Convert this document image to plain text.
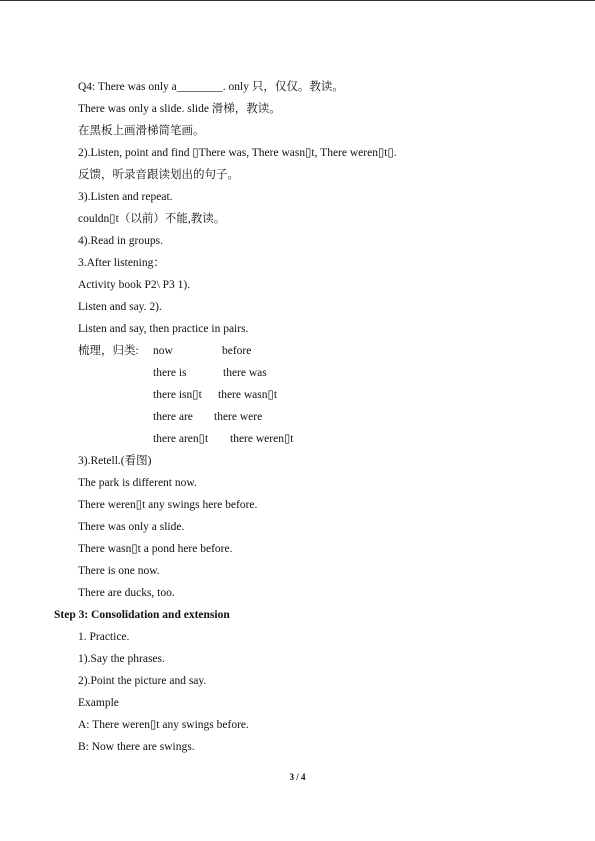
Q4: There was only a________. only 只，仅仅。教读。
There was only a slide. slide 滑梯，教读。
在黑板上画滑梯简笔画。
2).Listen, point and find ▯There was, There wasn▯t, There weren▯t▯.
反馈，听录音跟读划出的句子。
3).Listen and repeat.
couldn▯t（以前）不能,教读。
4).Read in groups.
3.After listening：
Activity book P2\ P3 1).
Listen and say. 2).
Listen and say, then practice in pairs.
梳理，归类: now	before
there is	there was
there isn▯t there wasn▯t
there are there were
there aren▯t there weren▯t
3).Retell.(看图)
The park is different now.
There weren▯t any swings here before.
There was only a slide.
There wasn▯t a pond here before.
There is one now.
There are ducks, too.
Step 3: Consolidation and extension
1. Practice.
1).Say the phrases.
2).Point the picture and say.
Example
A: There weren▯t any swings before.
B: Now there are swings.
3 / 4
